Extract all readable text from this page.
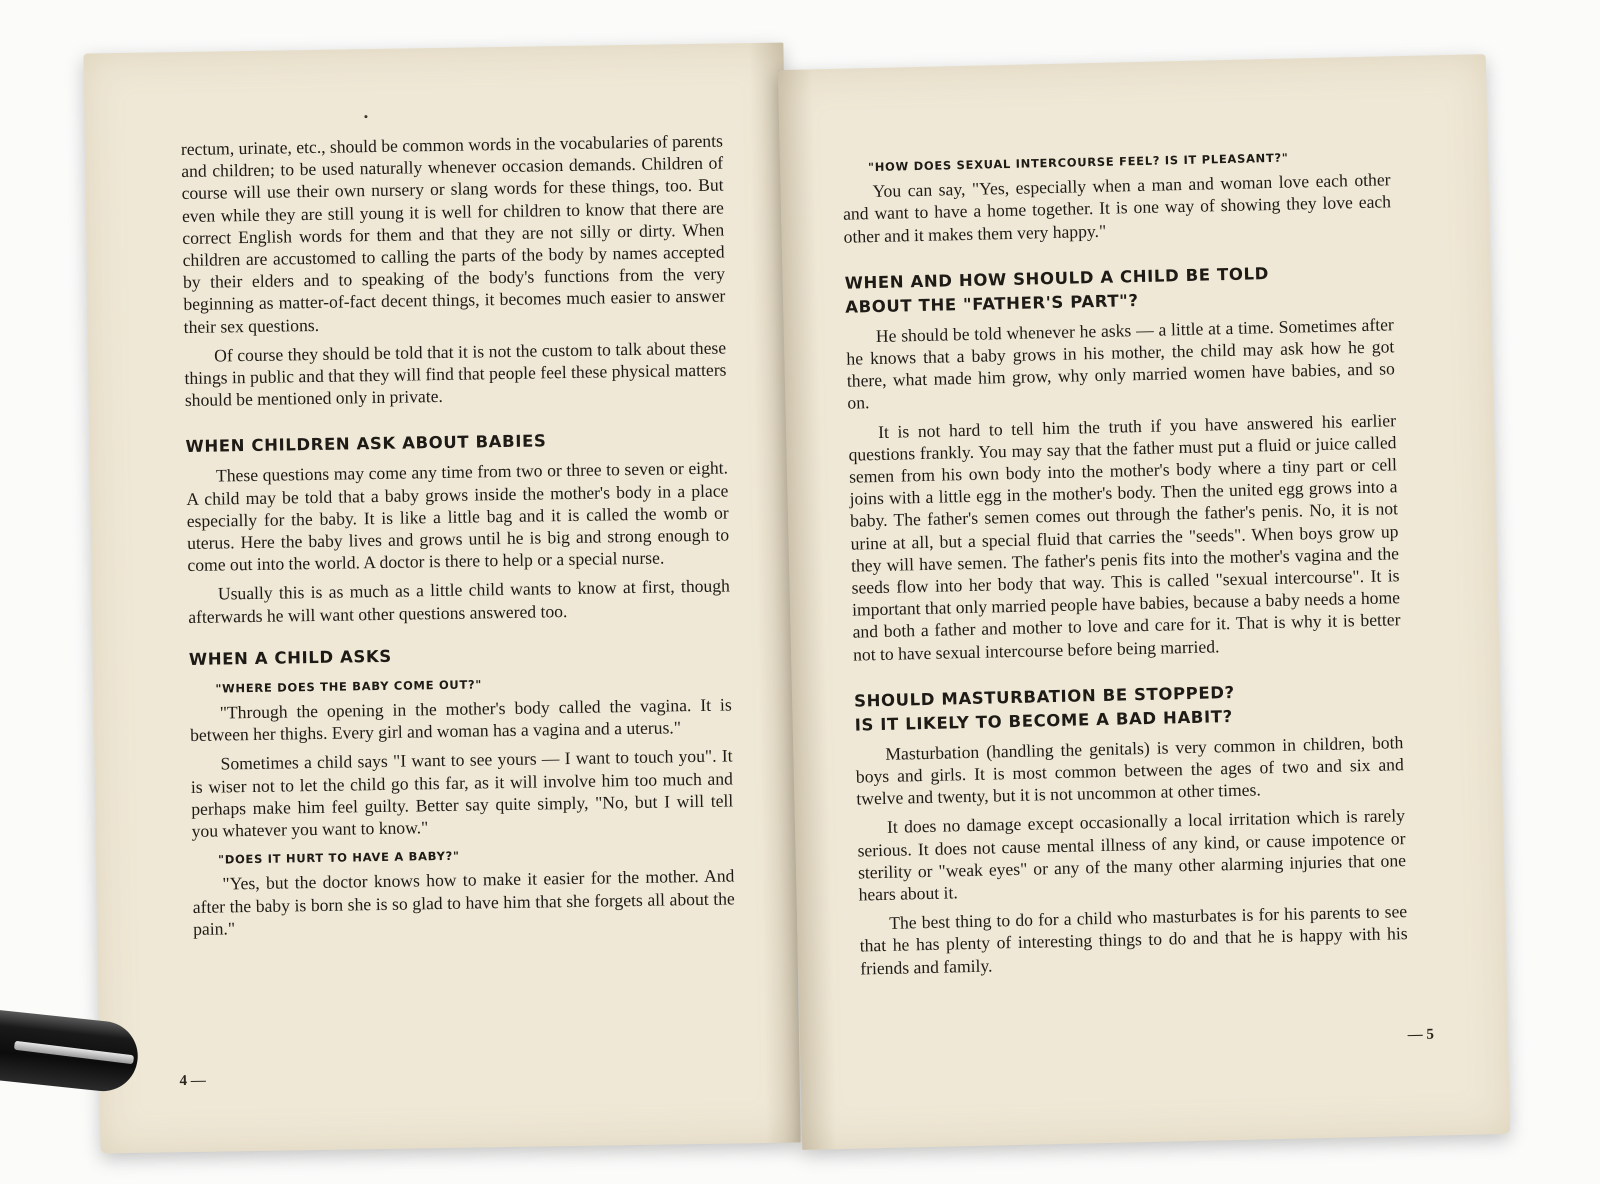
rectum, urinate, etc., should be common words in the vocabularies of parents and children; to be used naturally whenever occasion demands. Children of course will use their own nursery or slang words for these things, too. But even while they are still young it is well for children to know that there are correct English words for them and that they are not silly or dirty. When children are accustomed to calling the parts of the body by names accepted by their elders and to speaking of the body's functions from the very beginning as matter-of-fact decent things, it becomes much easier to answer their sex questions.

Of course they should be told that it is not the custom to talk about these things in public and that they will find that people feel these physical matters should be mentioned only in private.

WHEN CHILDREN ASK ABOUT BABIES

These questions may come any time from two or three to seven or eight. A child may be told that a baby grows inside the mother's body in a place especially for the baby. It is like a little bag and it is called the womb or uterus. Here the baby lives and grows until he is big and strong enough to come out into the world. A doctor is there to help or a special nurse.

Usually this is as much as a little child wants to know at first, though afterwards he will want other questions answered too.

WHEN A CHILD ASKS
"WHERE DOES THE BABY COME OUT?"

"Through the opening in the mother's body called the vagina. It is between her thighs. Every girl and woman has a vagina and a uterus."

Sometimes a child says "I want to see yours — I want to touch you". It is wiser not to let the child go this far, as it will involve him too much and perhaps make him feel guilty. Better say quite simply, "No, but I will tell you whatever you want to know."

"DOES IT HURT TO HAVE A BABY?"

"Yes, but the doctor knows how to make it easier for the mother. And after the baby is born she is so glad to have him that she forgets all about the pain."

4 —
"HOW DOES SEXUAL INTERCOURSE FEEL? IS IT PLEASANT?"

You can say, "Yes, especially when a man and woman love each other and want to have a home together. It is one way of showing they love each other and it makes them very happy."

WHEN AND HOW SHOULD A CHILD BE TOLD
ABOUT THE "FATHER'S PART"?

He should be told whenever he asks — a little at a time. Sometimes after he knows that a baby grows in his mother, the child may ask how he got there, what made him grow, why only married women have babies, and so on.

It is not hard to tell him the truth if you have answered his earlier questions frankly. You may say that the father must put a fluid or juice called semen from his own body into the mother's body where a tiny part or cell joins with a little egg in the mother's body. Then the united egg grows into a baby. The father's semen comes out through the father's penis. No, it is not urine at all, but a special fluid that carries the "seeds". When boys grow up they will have semen. The father's penis fits into the mother's vagina and the seeds flow into her body that way. This is called "sexual intercourse". It is important that only married people have babies, because a baby needs a home and both a father and mother to love and care for it. That is why it is better not to have sexual intercourse before being married.

SHOULD MASTURBATION BE STOPPED?
IS IT LIKELY TO BECOME A BAD HABIT?

Masturbation (handling the genitals) is very common in children, both boys and girls. It is most common between the ages of two and six and twelve and twenty, but it is not uncommon at other times.

It does no damage except occasionally a local irritation which is rarely serious. It does not cause mental illness of any kind, or cause impotence or sterility or "weak eyes" or any of the many other alarming injuries that one hears about it.

The best thing to do for a child who masturbates is for his parents to see that he has plenty of interesting things to do and that he is happy with his friends and family.

— 5
